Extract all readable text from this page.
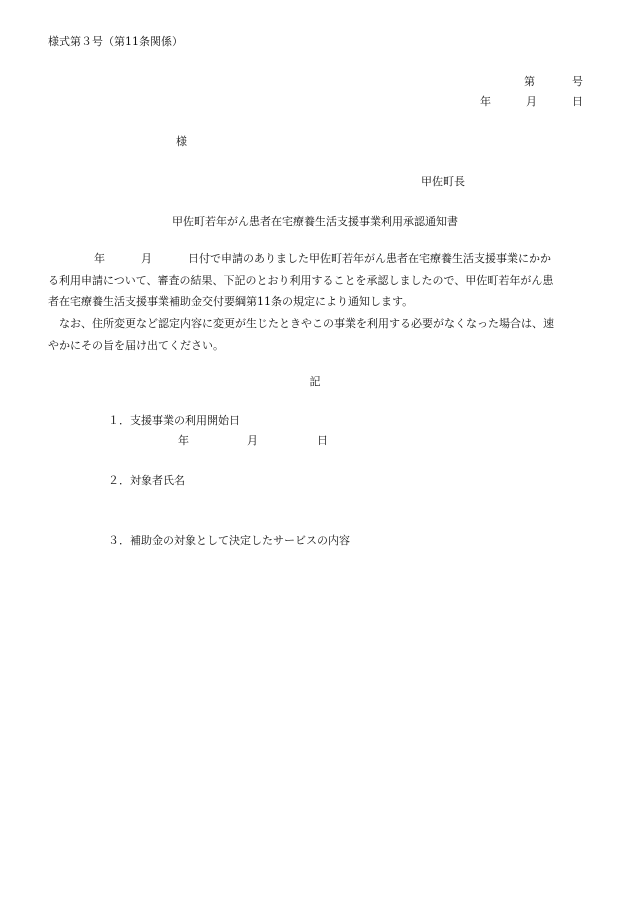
様式第３号（第11条関係）
第	号
年	月	日
様
甲佐町長
甲佐町若年がん患者在宅療養生活支援事業利用承認通知書
年	月	日付で申請のありました甲佐町若年がん患者在宅療養生活支援事業にかか
る利用申請について、審査の結果、下記のとおり利用することを承認しましたので、甲佐町若年がん患
者在宅療養生活支援事業補助金交付要綱第11条の規定により通知します。
なお、住所変更など認定内容に変更が生じたときやこの事業を利用する必要がなくなった場合は、速
やかにその旨を届け出てください。
記
１．支援事業の利用開始日
年	月	日
２．対象者氏名
３．補助金の対象として決定したサービスの内容
